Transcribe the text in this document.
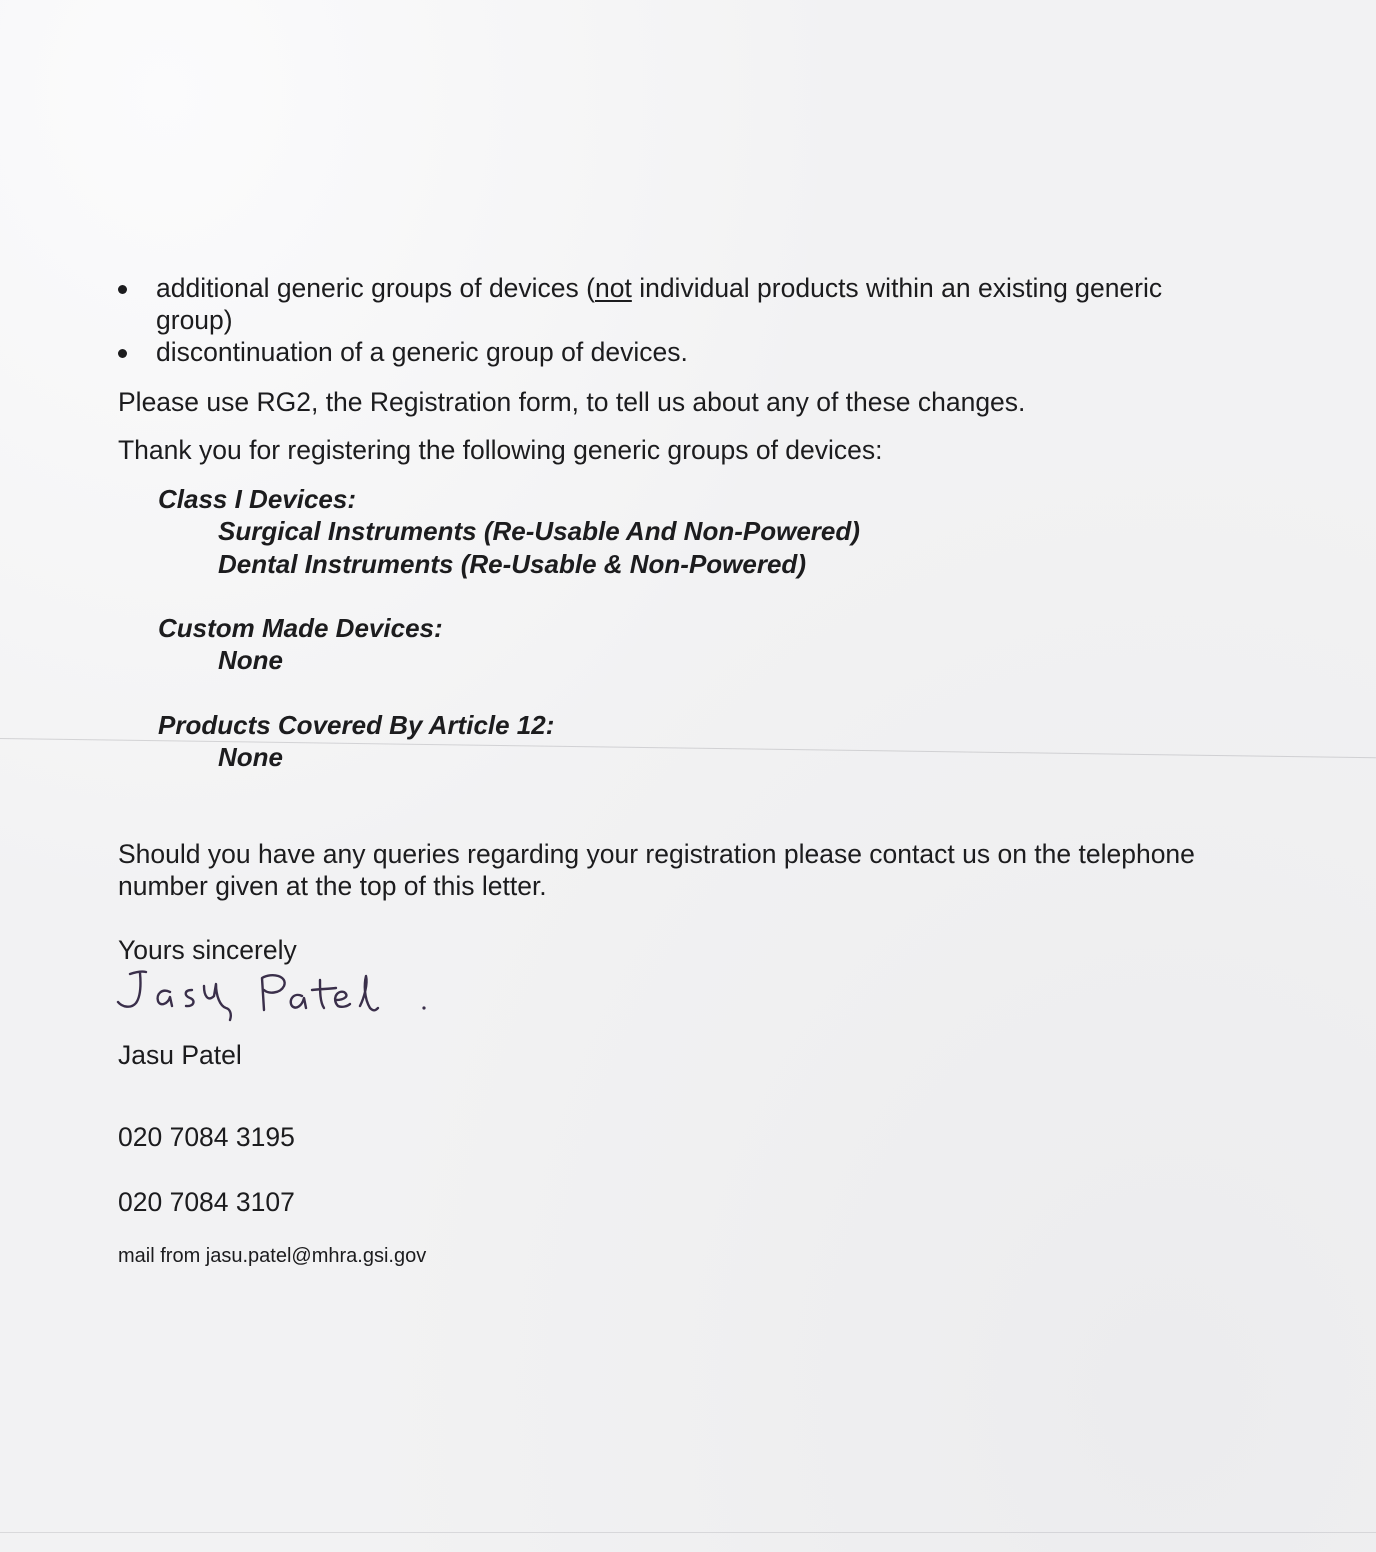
additional generic groups of devices (not individual products within an existing generic
group)
discontinuation of a generic group of devices.
Please use RG2, the Registration form, to tell us about any of these changes.
Thank you for registering the following generic groups of devices:
Class I Devices:
Surgical Instruments (Re-Usable And Non-Powered)
Dental Instruments (Re-Usable & Non-Powered)
Custom Made Devices:
None
Products Covered By Article 12:
None
Should you have any queries regarding your registration please contact us on the telephone
number given at the top of this letter.
Yours sincerely
Jasu Patel
020 7084 3195
020 7084 3107
mail from jasu.patel@mhra.gsi.gov
